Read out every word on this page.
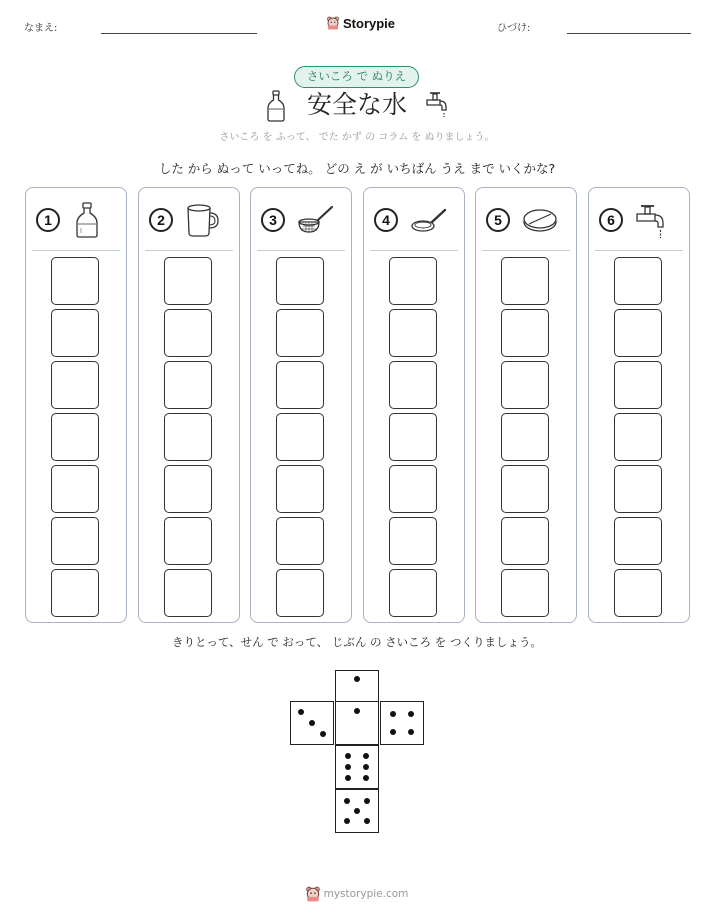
なまえ:	Storypie	ひづけ:
さいころ で ぬりえ
安全な水
さいころ を ふって、 でた かず の コラム を ぬりましょう。
した から ぬって いってね。 どの え が いちばん うえ まで いくかな?
1	2	3	4	5	6
きりとって、せん で おって、 じぶん の さいころ を つくりましょう。
mystorypie.com
